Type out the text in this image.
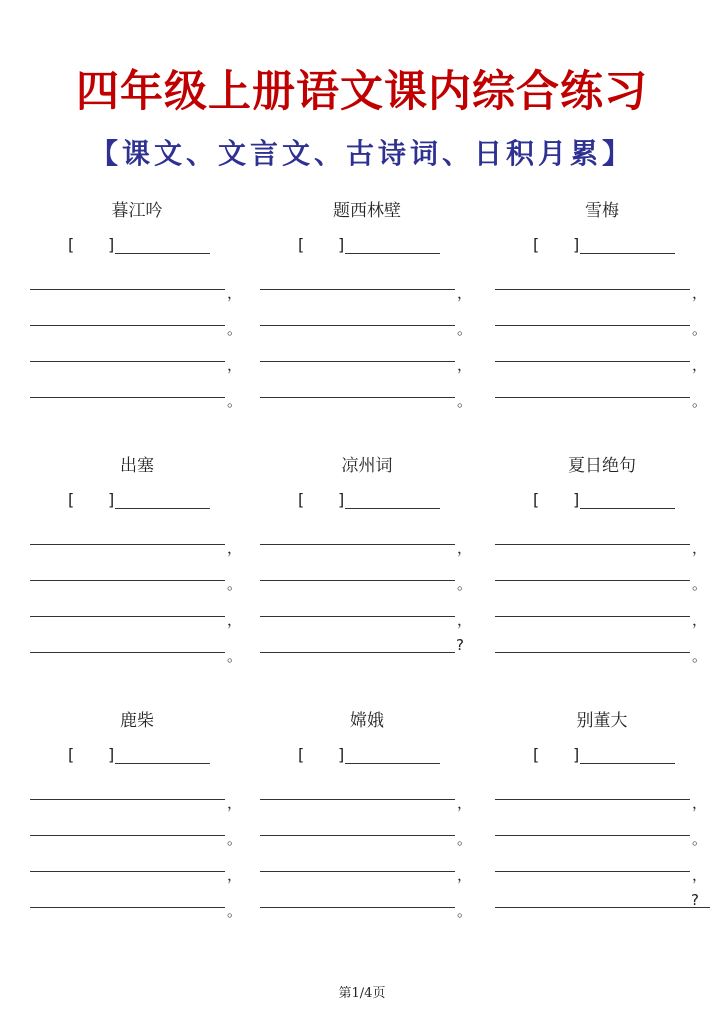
四年级上册语文课内综合练习
【课文、文言文、古诗词、日积月累】
暮江吟
[ ]
，
。
，
。
题西林壁
[ ]
，
。
，
。
雪梅
[ ]
，
。
，
。
出塞
[ ]
，
。
，
。
凉州词
[ ]
，
。
，
?
夏日绝句
[ ]
，
。
，
。
鹿柴
[ ]
，
。
，
。
嫦娥
[ ]
，
。
，
。
别董大
[ ]
，
。
，
?
第1/4页
